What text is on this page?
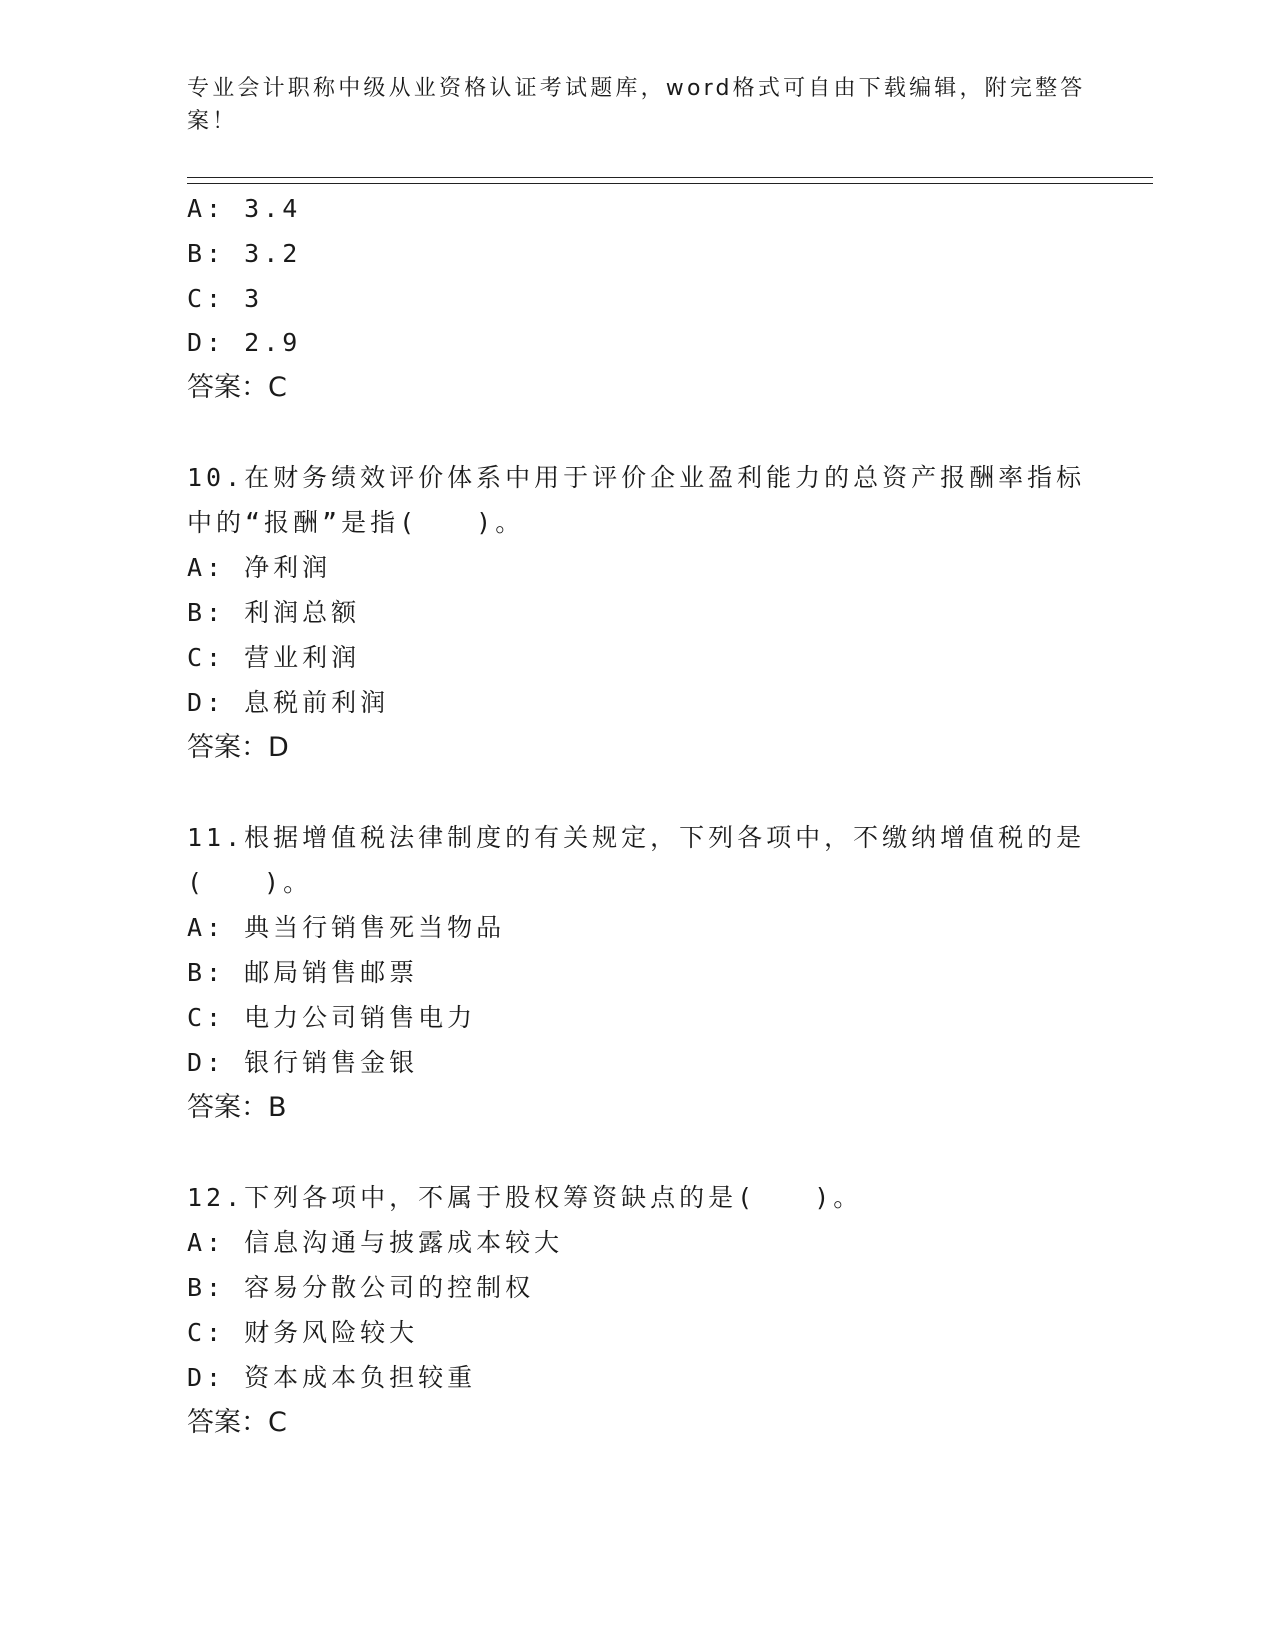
专业会计职称中级从业资格认证考试题库，word格式可自由下载编辑，附完整答案！
A: 3.4
B: 3.2
C: 3
D: 2.9
答案：C
10.在财务绩效评价体系中用于评价企业盈利能力的总资产报酬率指标
中的“报酬”是指(　　)。
A: 净利润
B: 利润总额
C: 营业利润
D: 息税前利润
答案：D
11.根据增值税法律制度的有关规定，下列各项中，不缴纳增值税的是
(　　)。
A: 典当行销售死当物品
B: 邮局销售邮票
C: 电力公司销售电力
D: 银行销售金银
答案：B
12.下列各项中，不属于股权筹资缺点的是(　　)。
A: 信息沟通与披露成本较大
B: 容易分散公司的控制权
C: 财务风险较大
D: 资本成本负担较重
答案：C
